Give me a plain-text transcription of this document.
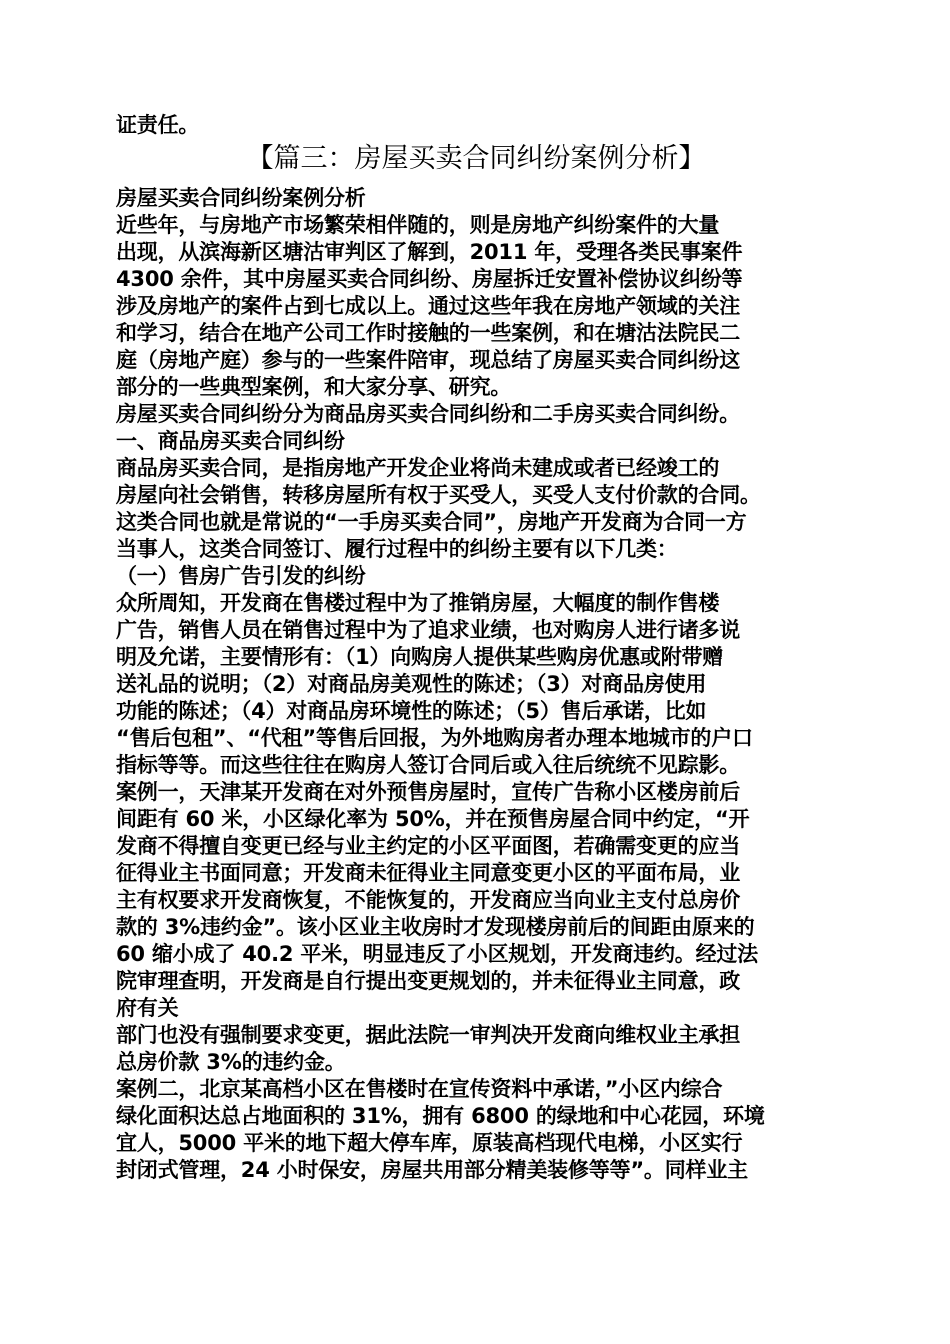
证责任。
【篇三：房屋买卖合同纠纷案例分析】
房屋买卖合同纠纷案例分析
近些年，与房地产市场繁荣相伴随的，则是房地产纠纷案件的大量
出现，从滨海新区塘沽审判区了解到，2011 年，受理各类民事案件
4300 余件，其中房屋买卖合同纠纷、房屋拆迁安置补偿协议纠纷等
涉及房地产的案件占到七成以上。通过这些年我在房地产领域的关注
和学习，结合在地产公司工作时接触的一些案例，和在塘沽法院民二
庭（房地产庭）参与的一些案件陪审，现总结了房屋买卖合同纠纷这
部分的一些典型案例，和大家分享、研究。
房屋买卖合同纠纷分为商品房买卖合同纠纷和二手房买卖合同纠纷。
一、商品房买卖合同纠纷
商品房买卖合同，是指房地产开发企业将尚未建成或者已经竣工的
房屋向社会销售，转移房屋所有权于买受人，买受人支付价款的合同。
这类合同也就是常说的“一手房买卖合同”，房地产开发商为合同一方
当事人，这类合同签订、履行过程中的纠纷主要有以下几类：
（一）售房广告引发的纠纷
众所周知，开发商在售楼过程中为了推销房屋，大幅度的制作售楼
广告，销售人员在销售过程中为了追求业绩，也对购房人进行诸多说
明及允诺，主要情形有：（1）向购房人提供某些购房优惠或附带赠
送礼品的说明；（2）对商品房美观性的陈述；（3）对商品房使用
功能的陈述；（4）对商品房环境性的陈述；（5）售后承诺，比如
“售后包租”、“代租”等售后回报，为外地购房者办理本地城市的户口
指标等等。而这些往往在购房人签订合同后或入往后统统不见踪影。
案例一，天津某开发商在对外预售房屋时，宣传广告称小区楼房前后
间距有 60 米，小区绿化率为 50%，并在预售房屋合同中约定，“开
发商不得擅自变更已经与业主约定的小区平面图，若确需变更的应当
征得业主书面同意；开发商未征得业主同意变更小区的平面布局，业
主有权要求开发商恢复，不能恢复的，开发商应当向业主支付总房价
款的 3%违约金”。该小区业主收房时才发现楼房前后的间距由原来的
60 缩小成了 40.2 平米，明显违反了小区规划，开发商违约。经过法
院审理查明，开发商是自行提出变更规划的，并未征得业主同意，政
府有关
部门也没有强制要求变更，据此法院一审判决开发商向维权业主承担
总房价款 3%的违约金。
案例二，北京某高档小区在售楼时在宣传资料中承诺，”小区内综合
绿化面积达总占地面积的 31%，拥有 6800 的绿地和中心花园，环境
宜人，5000 平米的地下超大停车库，原装高档现代电梯，小区实行
封闭式管理，24 小时保安，房屋共用部分精美装修等等”。同样业主
